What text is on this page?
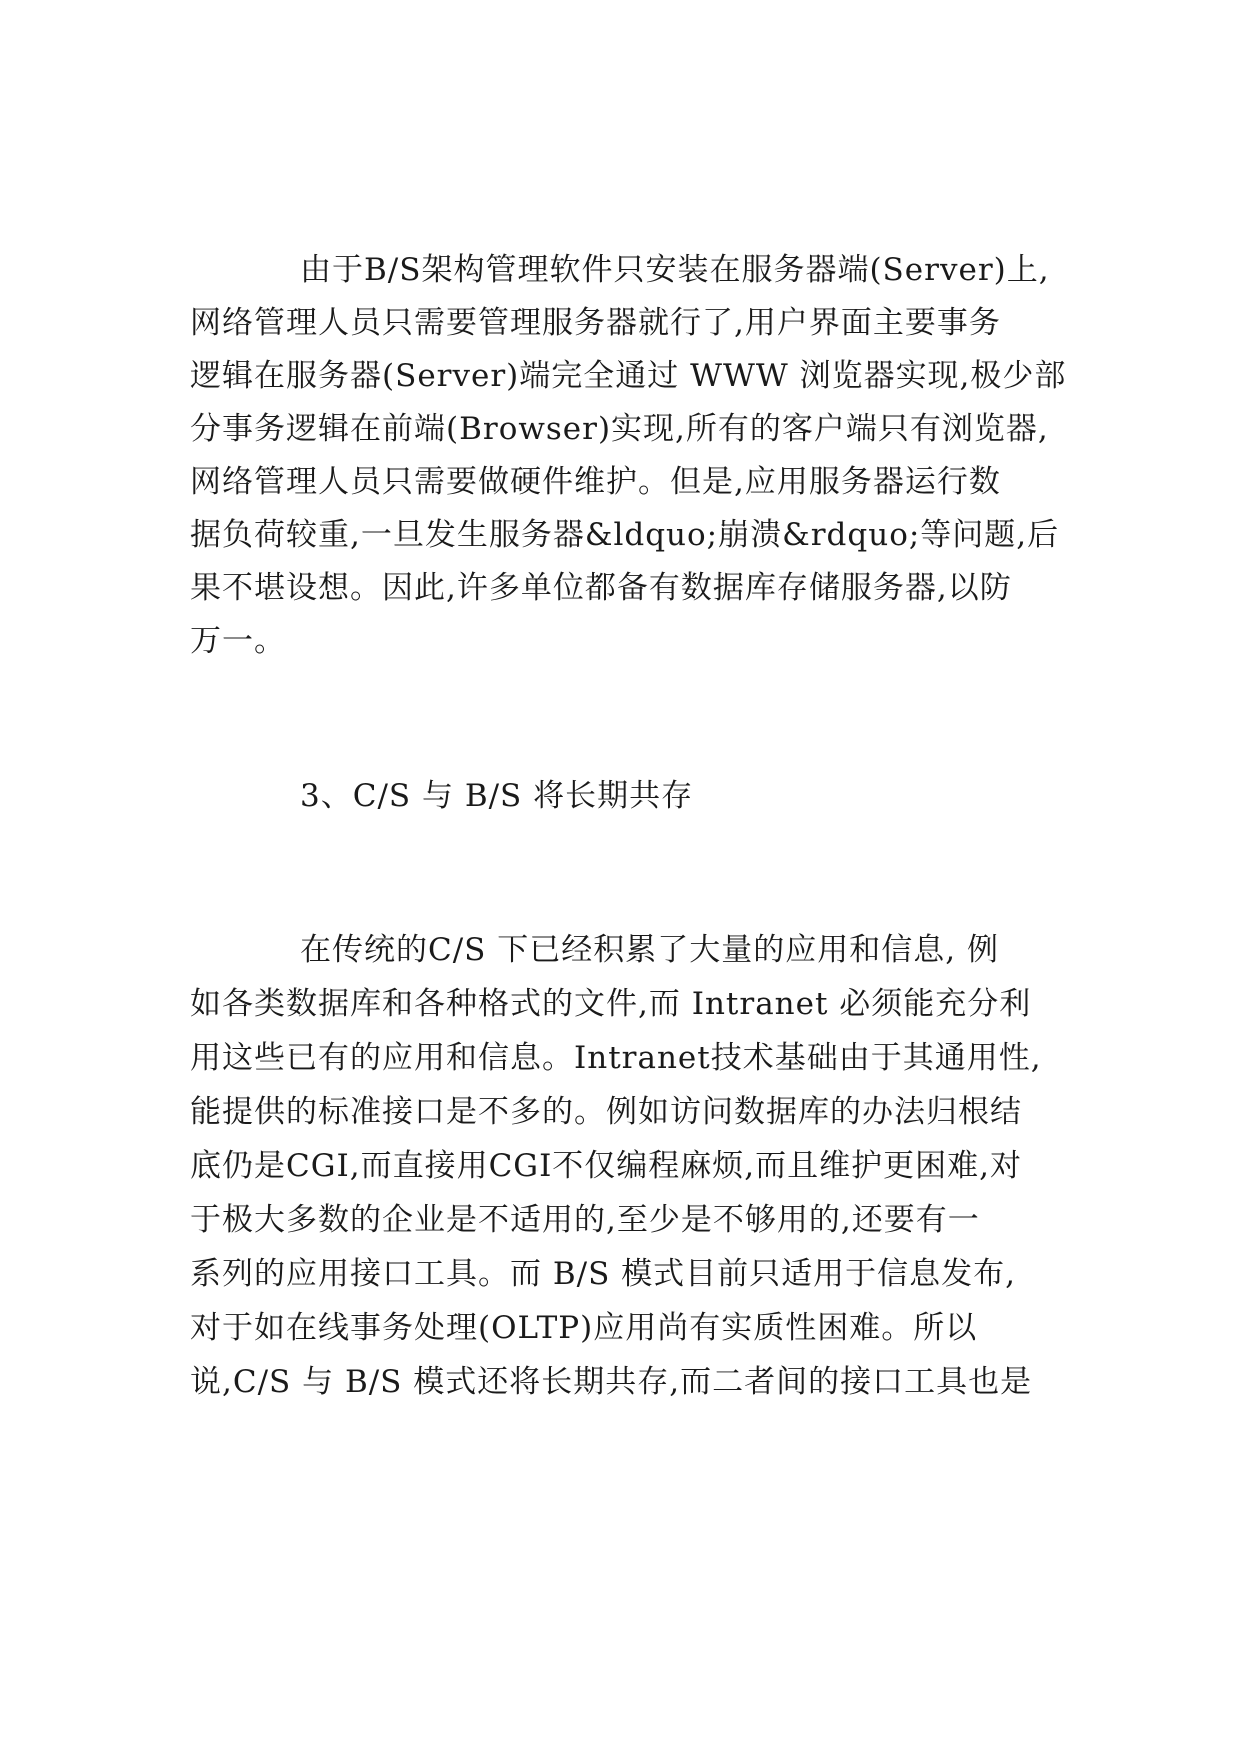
由于B/S架构管理软件只安装在服务器端(Server)上,
网络管理人员只需要管理服务器就行了,用户界面主要事务
逻辑在服务器(Server)端完全通过 WWW 浏览器实现,极少部
分事务逻辑在前端(Browser)实现,所有的客户端只有浏览器,
网络管理人员只需要做硬件维护。但是,应用服务器运行数
据负荷较重,一旦发生服务器&ldquo;崩溃&rdquo;等问题,后
果不堪设想。因此,许多单位都备有数据库存储服务器,以防
万一。
3、C/S 与 B/S 将长期共存
在传统的C/S 下已经积累了大量的应用和信息, 例
如各类数据库和各种格式的文件,而 Intranet 必须能充分利
用这些已有的应用和信息。Intranet技术基础由于其通用性,
能提供的标准接口是不多的。例如访问数据库的办法归根结
底仍是CGI,而直接用CGI不仅编程麻烦,而且维护更困难,对
于极大多数的企业是不适用的,至少是不够用的,还要有一
系列的应用接口工具。而 B/S 模式目前只适用于信息发布,
对于如在线事务处理(OLTP)应用尚有实质性困难。所以
说,C/S 与 B/S 模式还将长期共存,而二者间的接口工具也是
